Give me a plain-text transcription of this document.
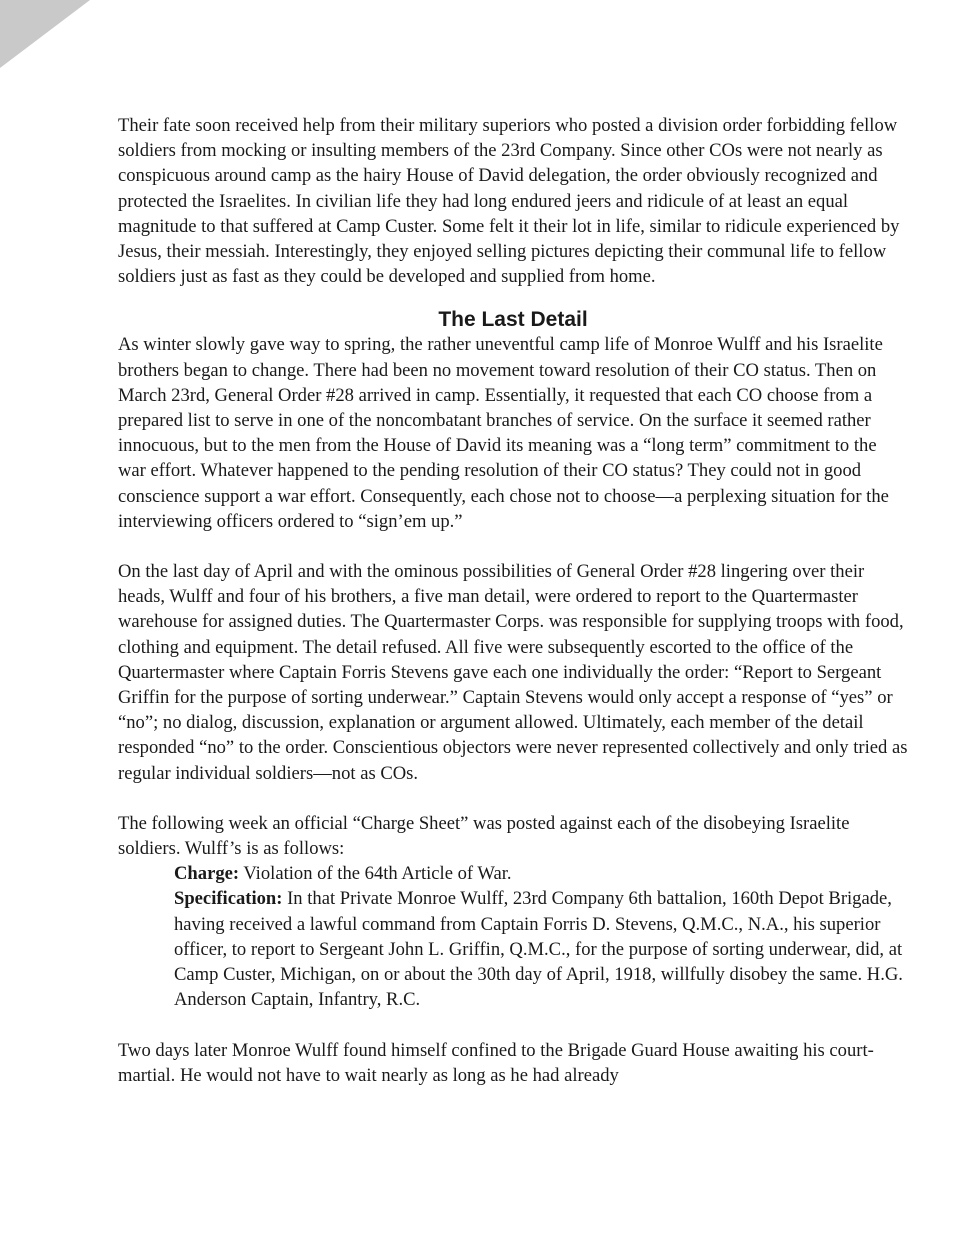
Their fate soon received help from their military superiors who posted a division order forbidding fellow soldiers from mocking or insulting members of the 23rd Company. Since other COs were not nearly as conspicuous around camp as the hairy House of David delegation, the order obviously recognized and protected the Israelites. In civilian life they had long endured jeers and ridicule of at least an equal magnitude to that suffered at Camp Custer. Some felt it their lot in life, similar to ridicule experienced by Jesus, their messiah. Interestingly, they enjoyed selling pictures depicting their communal life to fellow soldiers just as fast as they could be developed and supplied from home.

The Last Detail

As winter slowly gave way to spring, the rather uneventful camp life of Monroe Wulff and his Israelite brothers began to change. There had been no movement toward resolution of their CO status. Then on March 23rd, General Order #28 arrived in camp. Essentially, it requested that each CO choose from a prepared list to serve in one of the noncombatant branches of service. On the surface it seemed rather innocuous, but to the men from the House of David its meaning was a “long term” commitment to the war effort. Whatever happened to the pending resolution of their CO status? They could not in good conscience support a war effort. Consequently, each chose not to choose—a perplexing situation for the interviewing officers ordered to “sign’em up.”

On the last day of April and with the ominous possibilities of General Order #28 lingering over their heads, Wulff and four of his brothers, a five man detail, were ordered to report to the Quartermaster warehouse for assigned duties. The Quartermaster Corps. was responsible for supplying troops with food, clothing and equipment. The detail refused. All five were subsequently escorted to the office of the Quartermaster where Captain Forris Stevens gave each one individually the order: “Report to Sergeant Griffin for the purpose of sorting underwear.” Captain Stevens would only accept a response of “yes” or “no”; no dialog, discussion, explanation or argument allowed. Ultimately, each member of the detail responded “no” to the order. Conscientious objectors were never represented collectively and only tried as regular individual soldiers—not as COs.

The following week an official “Charge Sheet” was posted against each of the disobeying Israelite soldiers. Wulff’s is as follows:

Charge: Violation of the 64th Article of War.

Specification: In that Private Monroe Wulff, 23rd Company 6th battalion, 160th Depot Brigade, having received a lawful command from Captain Forris D. Stevens, Q.M.C., N.A., his superior officer, to report to Sergeant John L. Griffin, Q.M.C., for the purpose of sorting underwear, did, at Camp Custer, Michigan, on or about the 30th day of April, 1918, willfully disobey the same. H.G. Anderson Captain, Infantry, R.C.

Two days later Monroe Wulff found himself confined to the Brigade Guard House awaiting his court-martial. He would not have to wait nearly as long as he had already
